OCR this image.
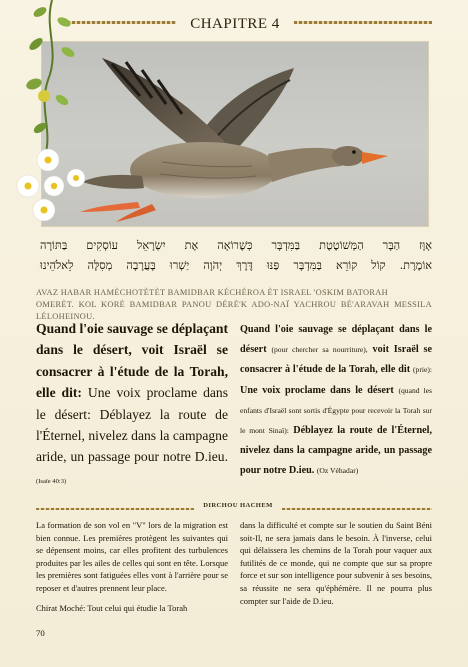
CHAPITRE 4
אָוָּז הַבָּר הַמְּשׁוֹטֶטֶת בַּמִּדְבָּר כְּשֶׁרוֹאָה אֶת יִשְׂרָאֵל עוֹסְקִים בַּתּוֹרָה
אוֹמֶרֶת. קוֹל קוֹרֵא בַּמִּדְבָּר פַּנּוּ דֶּרֶךְ יְהֹוָה יַשְׁרוּ בָּעֲרָבָה מְסִלָּה לֵאלֹהֵינוּ
AVAZ HABAR HAMÈCHOTÈTÈT BAMIDBAR KÉCHÉROA ÈT ISRAEL 'OSKIM BATORAH
OMERÈT. KOL KORÉ BAMIDBAR PANOU DÉRÈ'K ADO-NAÏ YACHROU BÉ'ARAVAH MESSILA LÉLOHEINOU.
Quand l'oie sauvage se déplaçant dans le désert, voit Israël se consacrer à l'étude de la Torah, elle dit: Une voix proclame dans le désert: Déblayez la route de l'Éternel, nivelez dans la campagne aride, un passage pour notre D.ieu. (Isaïe 40:3)
Quand l'oie sauvage se déplaçant dans le désert (pour chercher sa nourriture), voit Israël se consacrer à l'étude de la Torah, elle dit (prie): Une voix proclame dans le désert (quand les enfants d'Israël sont sortis d'Égypte pour recevoir la Torah sur le mont Sinaï): Déblayez la route de l'Éternel, nivelez dans la campagne aride, un passage pour notre D.ieu. (Oz Véhadar)
DIRCHOU HACHEM

La formation de son vol en "V" lors de la migration est bien connue. Les premières protègent les suivantes qui se dépensent moins, car elles profitent des turbulences produites par les ailes de celles qui sont en tête. Lorsque les premières sont fatiguées elles vont à l'arrière pour se reposer et d'autres prennent leur place.

Chirat Moché: Tout celui qui étudie la Torah

dans la difficulté et compte sur le soutien du Saint Béni soit-Il, ne sera jamais dans le besoin. À l'inverse, celui qui délaissera les chemins de la Torah pour vaquer aux futilités de ce monde, qui ne compte que sur sa propre force et sur son intelligence pour subvenir à ses besoins, sa réussite ne sera qu'éphémère. Il ne pourra plus compter sur l'aide de D.ieu.

70
